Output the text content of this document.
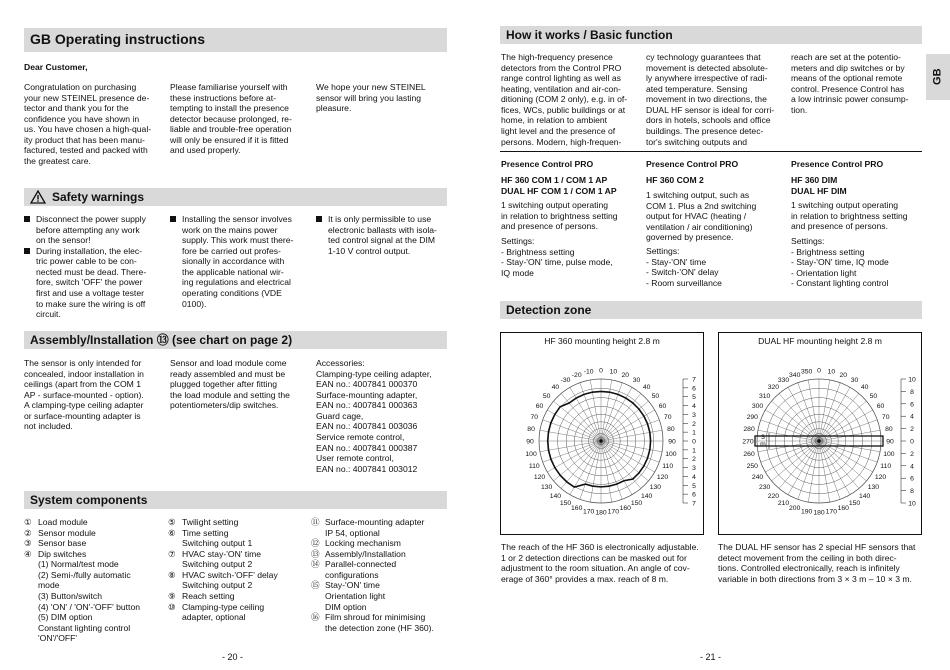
GB Operating instructions
Dear Customer,
Congratulation on purchasing
your new STEINEL presence de-
tector and thank you for the
confidence you have shown in
us. You have chosen a high-qual-
ity product that has been manu-
factured, tested and packed with
the greatest care.
Please familiarise yourself with
these instructions before at-
tempting to install the presence
detector because prolonged, re-
liable and trouble-free operation
will only be ensured if it is fitted
and used properly.
We hope your new STEINEL
sensor will bring you lasting
pleasure.
Safety warnings
Disconnect the power supply
before attempting any work
on the sensor!
During installation, the elec-
tric power cable to be con-
nected must be dead. There-
fore, switch 'OFF' the power
first and use a voltage tester
to make sure the wiring is off
circuit.
Installing the sensor involves
work on the mains power
supply. This work must there-
fore be carried out profes-
sionally in accordance with
the applicable national wir-
ing regulations and electrical
operating conditions (VDE
0100).
It is only permissible to use
electronic ballasts with isola-
ted control signal at the DIM
1-10 V control output.
Assembly/Installation ⑬ (see chart on page 2)
The sensor is only intended for
concealed, indoor installation in
ceilings (apart from the COM 1
AP - surface-mounted - option).
A clamping-type ceiling adapter
or surface-mounting adapter is
not included.
Sensor and load module come
ready assembled and must be
plugged together after fitting
the load module and setting the
potentiometers/dip switches.
Accessories:
Clamping-type ceiling adapter,
EAN no.: 4007841 000370
Surface-mounting adapter,
EAN no.: 4007841 000363
Guard cage,
EAN no.: 4007841 003036
Service remote control,
EAN no.: 4007841 000387
User remote control,
EAN no.: 4007841 003012
System components
① Load module
② Sensor module
③ Sensor base
④ Dip switches
(1) Normal/test mode
(2) Semi-/fully automatic
mode
(3) Button/switch
(4) 'ON' / 'ON'-'OFF' button
(5) DIM option
Constant lighting control
'ON'/'OFF'
⑤ Twilight setting
⑥ Time setting
Switching output 1
⑦ HVAC stay-'ON' time
Switching output 2
⑧ HVAC switch-'OFF' delay
Switching output 2
⑨ Reach setting
⑩ Clamping-type ceiling
adapter, optional
⑪ Surface-mounting adapter
IP 54, optional
⑫ Locking mechanism
⑬ Assembly/Installation
⑭ Parallel-connected
configurations
⑮ Stay-'ON' time
Orientation light
DIM option
⑯ Film shroud for minimising
the detection zone (HF 360).
- 20 -
How it works / Basic function
GB
The high-frequency presence
detectors from the Control PRO
range control lighting as well as
heating, ventilation and air-con-
ditioning (COM 2 only), e.g. in of-
fices, WCs, public buildings or at
home, in relation to ambient
light level and the presence of
persons. Modern, high-frequen-
cy technology guarantees that
movement is detected absolute-
ly anywhere irrespective of radi-
ated temperature. Sensing
movement in two directions, the
DUAL HF sensor is ideal for corri-
dors in hotels, schools and office
buildings. The presence detec-
tor's switching outputs and
reach are set at the potentio-
meters and dip switches or by
means of the optional remote
control. Presence Control has
a low intrinsic power consump-
tion.
Presence Control PRO
HF 360 COM 1 / COM 1 AP
DUAL HF COM 1 / COM 1 AP
1 switching output operating
in relation to brightness setting
and presence of persons.
Settings:
- Brightness setting
- Stay-'ON' time, pulse mode,
IQ mode
Presence Control PRO
HF 360 COM 2
1 switching output, such as
COM 1. Plus a 2nd switching
output for HVAC (heating /
ventilation / air conditioning)
governed by presence.
Settings:
- Stay-'ON' time
- Switch-'ON' delay
- Room surveillance
Presence Control PRO
HF 360 DIM
DUAL HF DIM
1 switching output operating
in relation to brightness setting
and presence of persons.
Settings:
- Brightness setting
- Stay-'ON' time, IQ mode
- Orientation light
- Constant lighting control
Detection zone
HF 360 mounting height 2.8 m
0 10 20
30
40
50
60
70
80
90
100
110
120
130
140
150
160
170
180
170
160
150
140
130
120
110
100
90
80
70
60
50
40
-30
-20 -10
7
6
5
4
3
2
1
0
1
2
3
4
5
6
7
DUAL HF mounting height 2.8 m
350 0 10 20
30
40
50
60
70
80
90
100
110
120
130
140
150
160
170
180
190
200
210
220
230
240
250
260
270
280
290
300
310
320
330
340
10
8
6
4
2
0
2
4
6
8
10
3
m
The reach of the HF 360 is electronically adjustable.
1 or 2 detection directions can be masked out for
adjustment to the room situation. An angle of cov-
erage of 360° provides a max. reach of 8 m.
The DUAL HF sensor has 2 special HF sensors that
detect movement from the ceiling in both direc-
tions. Controlled electronically, reach is infinitely
variable in both directions from 3 × 3 m – 10 × 3 m.
- 21 -
